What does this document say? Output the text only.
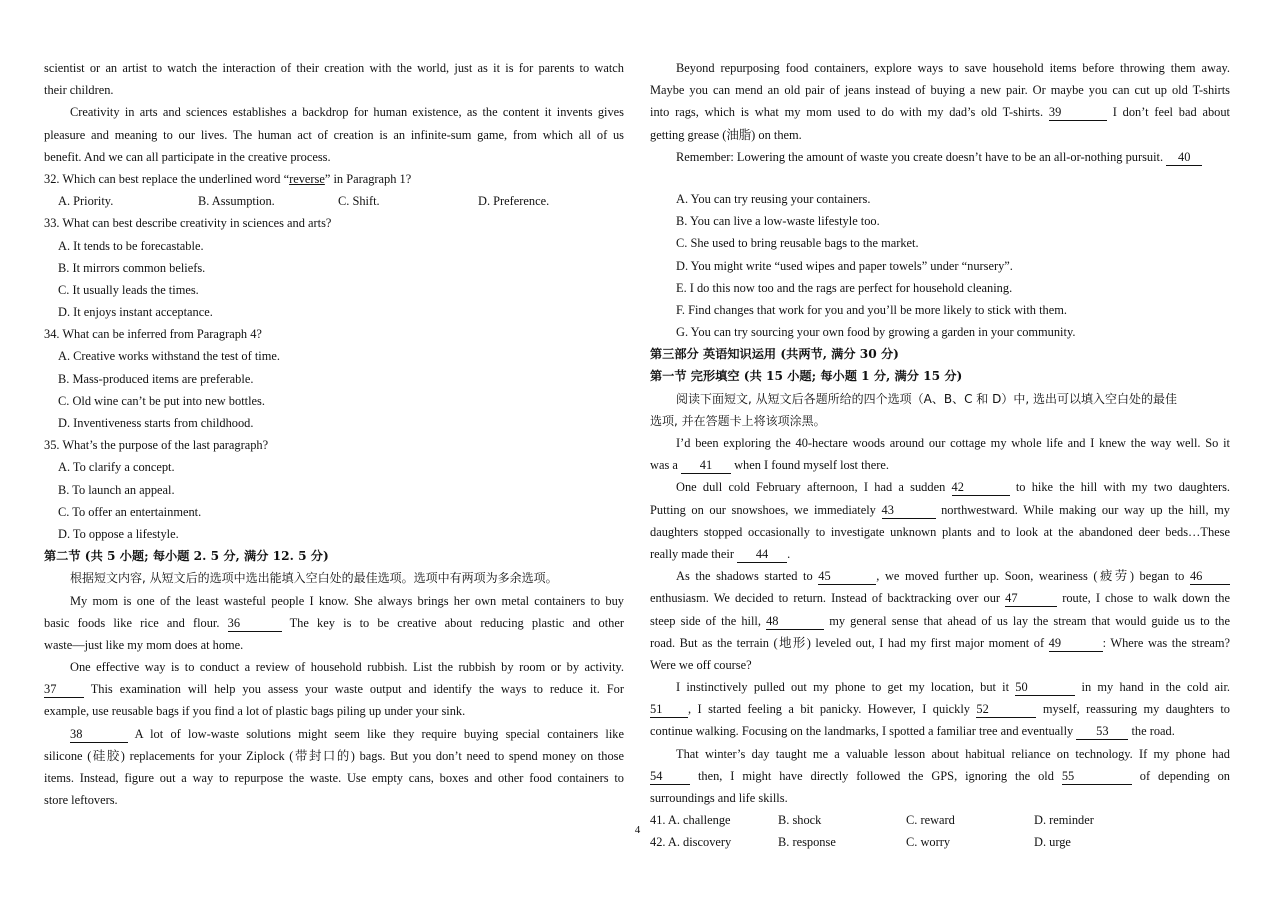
scientist or an artist to watch the interaction of their creation with the world, just as it is for parents to watch
their children.
Creativity in arts and sciences establishes a backdrop for human existence, as the content it invents gives
pleasure and meaning to our lives. The human act of creation is an infinite-sum game, from which all of us
benefit. And we can all participate in the creative process.
32. Which can best replace the underlined word “reverse” in Paragraph 1?
A. Priority.	B. Assumption.	C. Shift.	D. Preference.
33. What can best describe creativity in sciences and arts?
A. It tends to be forecastable.
B. It mirrors common beliefs.
C. It usually leads the times.
D. It enjoys instant acceptance.
34. What can be inferred from Paragraph 4?
A. Creative works withstand the test of time.
B. Mass-produced items are preferable.
C. Old wine can’t be put into new bottles.
D. Inventiveness starts from childhood.
35. What’s the purpose of the last paragraph?
A. To clarify a concept.
B. To launch an appeal.
C. To offer an entertainment.
D. To oppose a lifestyle.
第二节 (共 5 小题; 每小题 2. 5 分, 满分 12. 5 分)
根据短文内容, 从短文后的选项中选出能填入空白处的最佳选项。选项中有两项为多余选项。
My mom is one of the least wasteful people I know. She always brings her own metal containers to buy
basic foods like rice and flour. 36	The key is to be creative about reducing plastic and other
waste—just like my mom does at home.
One effective way is to conduct a review of household rubbish. List the rubbish by room or by activity.
37	This examination will help you assess your waste output and identify the ways to reduce it. For
example, use reusable bags if you find a lot of plastic bags piling up under your sink.
38	A lot of low-waste solutions might seem like they require buying special containers like
silicone (硅胶) replacements for your Ziplock (带封口的) bags. But you don’t need to spend money on those
items. Instead, figure out a way to repurpose the waste. Use empty cans, boxes and other food containers to
store leftovers.
Beyond repurposing food containers, explore ways to save household items before throwing them away.
Maybe you can mend an old pair of jeans instead of buying a new pair. Or maybe you can cut up old T-shirts
into rags, which is what my mom used to do with my dad’s old T-shirts. 39	I don’t feel bad about
getting grease (油脂) on them.
Remember: Lowering the amount of waste you create doesn’t have to be an all-or-nothing pursuit. 40
A. You can try reusing your containers.
B. You can live a low-waste lifestyle too.
C. She used to bring reusable bags to the market.
D. You might write “used wipes and paper towels” under “nursery”.
E. I do this now too and the rags are perfect for household cleaning.
F. Find changes that work for you and you’ll be more likely to stick with them.
G. You can try sourcing your own food by growing a garden in your community.
第三部分 英语知识运用 (共两节, 满分 30 分)
第一节 完形填空 (共 15 小题; 每小题 1 分, 满分 15 分)
阅读下面短文, 从短文后各题所给的四个选项（A、B、C 和 D）中, 选出可以填入空白处的最佳
选项, 并在答题卡上将该项涂黑。
I’d been exploring the 40-hectare woods around our cottage my whole life and I knew the way well. So it
was a 41 when I found myself lost there.
One dull cold February afternoon, I had a sudden 42	to hike the hill with my two daughters.
Putting on our snowshoes, we immediately 43	northwestward. While making our way up the hill, my
daughters stopped occasionally to investigate unknown plants and to look at the abandoned deer beds…These
really made their 44 .
As the shadows started to 45	, we moved further up. Soon, weariness (疲劳) began to 46
enthusiasm. We decided to return. Instead of backtracking over our 47	route, I chose to walk down the
steep side of the hill, 48	my general sense that ahead of us lay the stream that would guide us to the
road. But as the terrain (地形) leveled out, I had my first major moment of 49	: Where was the stream?
Were we off course?
I instinctively pulled out my phone to get my location, but it 50	in my hand in the cold air.
51 , I started feeling a bit panicky. However, I quickly 52	myself, reassuring my daughters to
continue walking. Focusing on the landmarks, I spotted a familiar tree and eventually 53 the road.
That winter’s day taught me a valuable lesson about habitual reliance on technology. If my phone had
54	then, I might have directly followed the GPS, ignoring the old 55	of depending on
surroundings and life skills.
41. A. challenge	B. shock	C. reward	D. reminder
42. A. discovery	B. response	C. worry	D. urge
4
